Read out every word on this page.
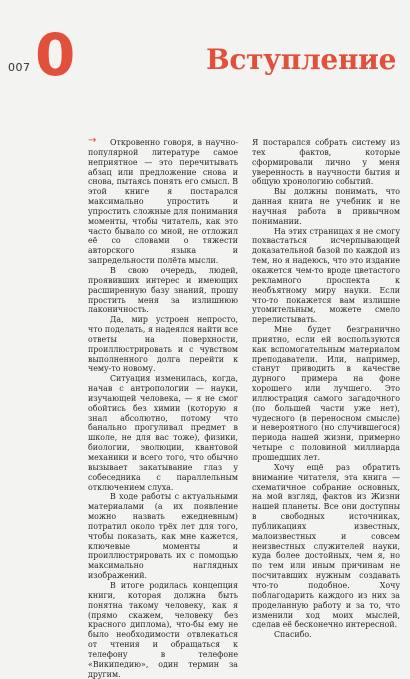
007 0	Вступление
→	Откровенно говоря, в научно-популярной литературе самое неприятное — это перечитывать абзац или предложение снова и снова, пытаясь понять его смысл. В этой книге я постарался максимально упростить и упростить сложные для понимания моменты, чтобы читатель, как это часто бывало со мной, не отложил её со словами о тяжести авторского языка и запредельности полёта мысли.

В свою очередь, людей, проявивших интерес и имеющих расширенную базу знаний, прошу простить меня за излишнюю лаконичность.

Да, мир устроен непросто, что поделать, я надеялся найти все ответы на поверхности, проиллюстрировать и с чувством выполненного долга перейти к чему-то новому.

Ситуация изменилась, когда, начав с антропологии — науки, изучающей человека, — я не смог обойтись без химии (которую я знал абсолютно, потому что банально прогуливал предмет в школе, не для вас тоже), физики, биологии, эволюции, квантовой механики и всего того, что обычно вызывает закатывание глаз у собеседника с параллельным отключением слуха.

В ходе работы с актуальными материалами (а их появление можно назвать ежедневным) потратил около трёх лет для того, чтобы показать, как мне кажется, ключевые моменты и проиллюстрировать их с помощью максимально наглядных изображений.

В итоге родилась концепция книги, которая должна быть понятна такому человеку, как я (прямо скажем, человеку без красного диплома), что-бы ему не было необходимости отвлекаться от чтения и обращаться к телефону в телефоне «Википедию», один термин за другим.

Я постарался собрать систему из тех фактов, которые сформировали лично у меня уверенность в научности бытия и общую хронологию событий.

Вы должны понимать, что данная книга не учебник и не научная работа в привычном понимании.

На этих страницах я не смогу похвастаться исчерпывающей доказательной базой по каждой из тем, но я надеюсь, что это издание окажется чем-то вроде цветастого рекламного проспекта к необъятному миру науки. Если что-то покажется вам излишне утомительным, можете смело перелистывать.

Мне будет безгранично приятно, если ей воспользуются как вспомогательным материалом преподаватели. Или, например, станут приводить в качестве дурного примера на фоне хорошего или лучшего. Это иллюстрация самого загадочного (по большей части уже нет), чудесного (в переносном смысле) и невероятного (но случившегося) периода нашей жизни, примерно четыре с половиной миллиарда прошедших лет.

Хочу ещё раз обратить внимание читателя, эта книга — схематичное собрание основных, на мой взгляд, фактов из Жизни нашей планеты. Все они доступны в свободных источниках, публикациях известных, малоизвестных и совсем неизвестных служителей науки, куда более достойных, чем я, но по тем или иным причинам не посчитавших нужным создавать что-то подобное. Хочу поблагодарить каждого из них за проделанную работу и за то, что изменили ход моих мыслей, сделав её бесконечно интересной.

Спасибо.
